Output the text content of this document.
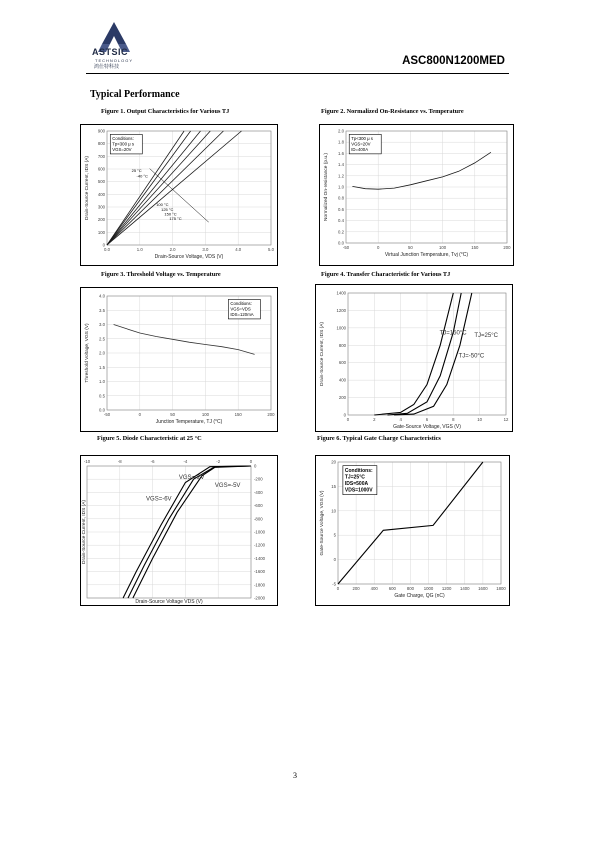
ASTSIC
TECHNOLOGY
鸿仕特科技	ASC800N1200MED
Typical Performance
Figure 1. Output Characteristics for Various TJ	Figure 2. Normalized On-Resistance vs. Temperature
Figure 3. Threshold Voltage vs. Temperature	Figure 4. Transfer Characteristic for Various TJ
Figure 5. Diode Characteristic at 25 °C	Figure 6. Typical Gate Charge Characteristics
0
100
200
300
400
500
600
700
800
900
0.0	1.0	2.0	3.0	4.0	5.0
Drain-Source Voltage, VDS (V)
Drain-Source Current, IDS (A)	25 °C
-40 °C
100 °C
125 °C
150 °C
175 °C
Conditions:
Tp<300 μ s
VGS=20V
0.0
0.2
0.4
0.6
0.8
1.0
1.2
1.4
1.6
1.8
2.0
-50	0	50	100	150	200
Virtual Junction Temperature, Tvj (°C)
Normalized On-resistance (p.u.)
Tp<300 μ s
VGS=20V
ID=400A
0.0
0.5
1.0
1.5
2.0
2.5
3.0
3.5
4.0
-50	0	50	100	150	200
Junction Temperature, TJ (°C)
Threshold Voltage, VGS (V)
Conditions:
VGS=VDS
IDS=120mA
0
200
400
600
800
1000
1200
1400
0	2	4	6	8	10	12
Gate-Source Voltage, VGS (V)
Drain-Source Current, IDS (A)	TJ=150°C TJ=25°C
TJ=-50°C
0
-200
-400
-600
-800
-1000
-1200
-1400
-1600
-1800
-2000
-10	-8	-6	-4	-2	0
Drain-Source Voltage VDS (V)
Drain-Source Current, IDS (A)
VGS=-2V
VGS=-5V
VGS=-6V
-5
0
5
10
15
20
0	200	400	600	800 1000 1200 1400 1600 1800
Gate Charge, QG (nC)
Gate-Source Voltage, VGS (V)
Conditions:
TJ=25°C
IDS=500A
VDS=1000V
3
